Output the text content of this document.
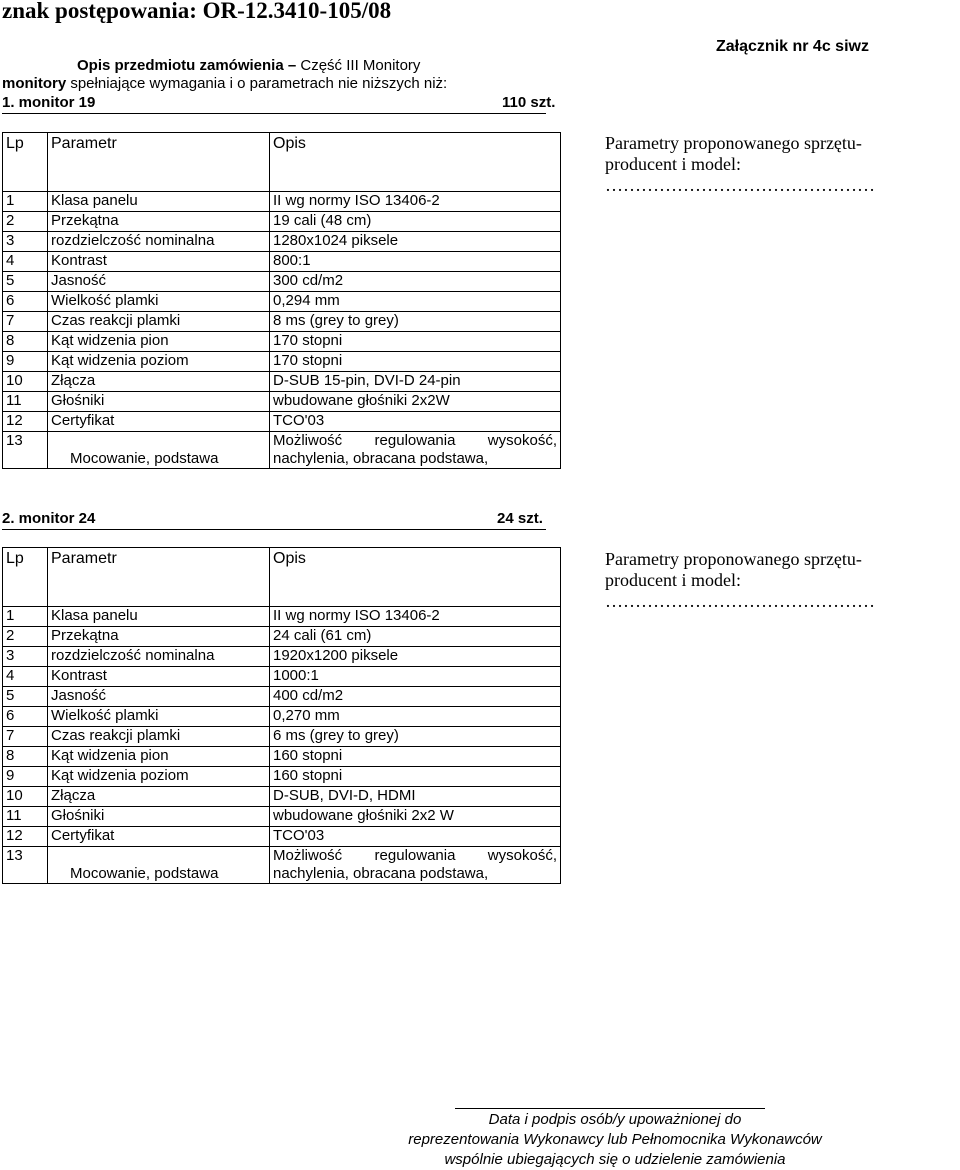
znak postępowania: OR-12.3410-105/08
Załącznik nr 4c siwz
Opis przedmiotu zamówienia – Część III Monitory
monitory spełniające wymagania i o parametrach nie niższych niż:
1. monitor 19	110 szt.
Lp	Parametr	Opis
1	Klasa panelu	II wg normy ISO 13406-2
2	Przekątna	19 cali (48 cm)
3	rozdzielczość nominalna	1280x1024 piksele
4	Kontrast	800:1
5	Jasność	300 cd/m2
6	Wielkość plamki	0,294 mm
7	Czas reakcji plamki	8 ms (grey to grey)
8	Kąt widzenia pion	170 stopni
9	Kąt widzenia poziom	170 stopni
10	Złącza	D-SUB 15-pin, DVI-D 24-pin
11	Głośniki	wbudowane głośniki 2x2W
12	Certyfikat	TCO'03
13	Mocowanie, podstawa	Możliwość regulowania wysokość,
nachylenia, obracana podstawa,
Parametry proponowanego sprzętu-
producent i model:
………………………………………
2. monitor 24	24 szt.
Lp	Parametr	Opis
1	Klasa panelu	II wg normy ISO 13406-2
2	Przekątna	24 cali (61 cm)
3	rozdzielczość nominalna	1920x1200 piksele
4	Kontrast	1000:1
5	Jasność	400 cd/m2
6	Wielkość plamki	0,270 mm
7	Czas reakcji plamki	6 ms (grey to grey)
8	Kąt widzenia pion	160 stopni
9	Kąt widzenia poziom	160 stopni
10	Złącza	D-SUB, DVI-D, HDMI
11	Głośniki	wbudowane głośniki 2x2 W
12	Certyfikat	TCO'03
13	Mocowanie, podstawa	Możliwość regulowania wysokość,
nachylenia, obracana podstawa,
Parametry proponowanego sprzętu-
producent i model:
………………………………………
Data i podpis osób/y upoważnionej do
reprezentowania Wykonawcy lub Pełnomocnika Wykonawców
wspólnie ubiegających się o udzielenie zamówienia
